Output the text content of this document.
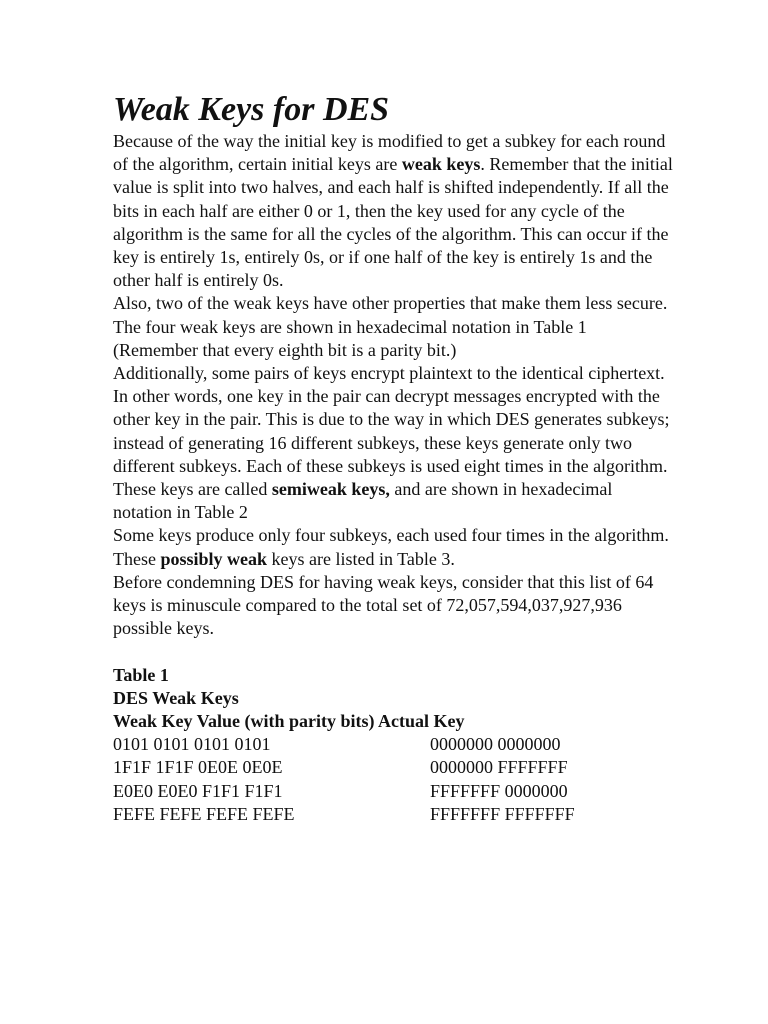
Weak Keys for DES

Because of the way the initial key is modified to get a subkey for each round of the algorithm, certain initial keys are weak keys. Remember that the initial value is split into two halves, and each half is shifted independently. If all the bits in each half are either 0 or 1, then the key used for any cycle of the algorithm is the same for all the cycles of the algorithm. This can occur if the key is entirely 1s, entirely 0s, or if one half of the key is entirely 1s and the other half is entirely 0s.

Also, two of the weak keys have other properties that make them less secure.

The four weak keys are shown in hexadecimal notation in Table 1 (Remember that every eighth bit is a parity bit.)

Additionally, some pairs of keys encrypt plaintext to the identical ciphertext. In other words, one key in the pair can decrypt messages encrypted with the other key in the pair. This is due to the way in which DES generates subkeys; instead of generating 16 different subkeys, these keys generate only two different subkeys. Each of these subkeys is used eight times in the algorithm. These keys are called semiweak keys, and are shown in hexadecimal notation in Table 2

Some keys produce only four subkeys, each used four times in the algorithm. These possibly weak keys are listed in Table 3.

Before condemning DES for having weak keys, consider that this list of 64 keys is minuscule compared to the total set of 72,057,594,037,927,936 possible keys.

Table 1
DES Weak Keys
Weak Key Value (with parity bits) Actual Key
0101 0101 0101 0101	0000000 0000000
1F1F 1F1F 0E0E 0E0E	0000000 FFFFFFF
E0E0 E0E0 F1F1 F1F1	FFFFFFF 0000000
FEFE FEFE FEFE FEFE	FFFFFFF FFFFFFF
